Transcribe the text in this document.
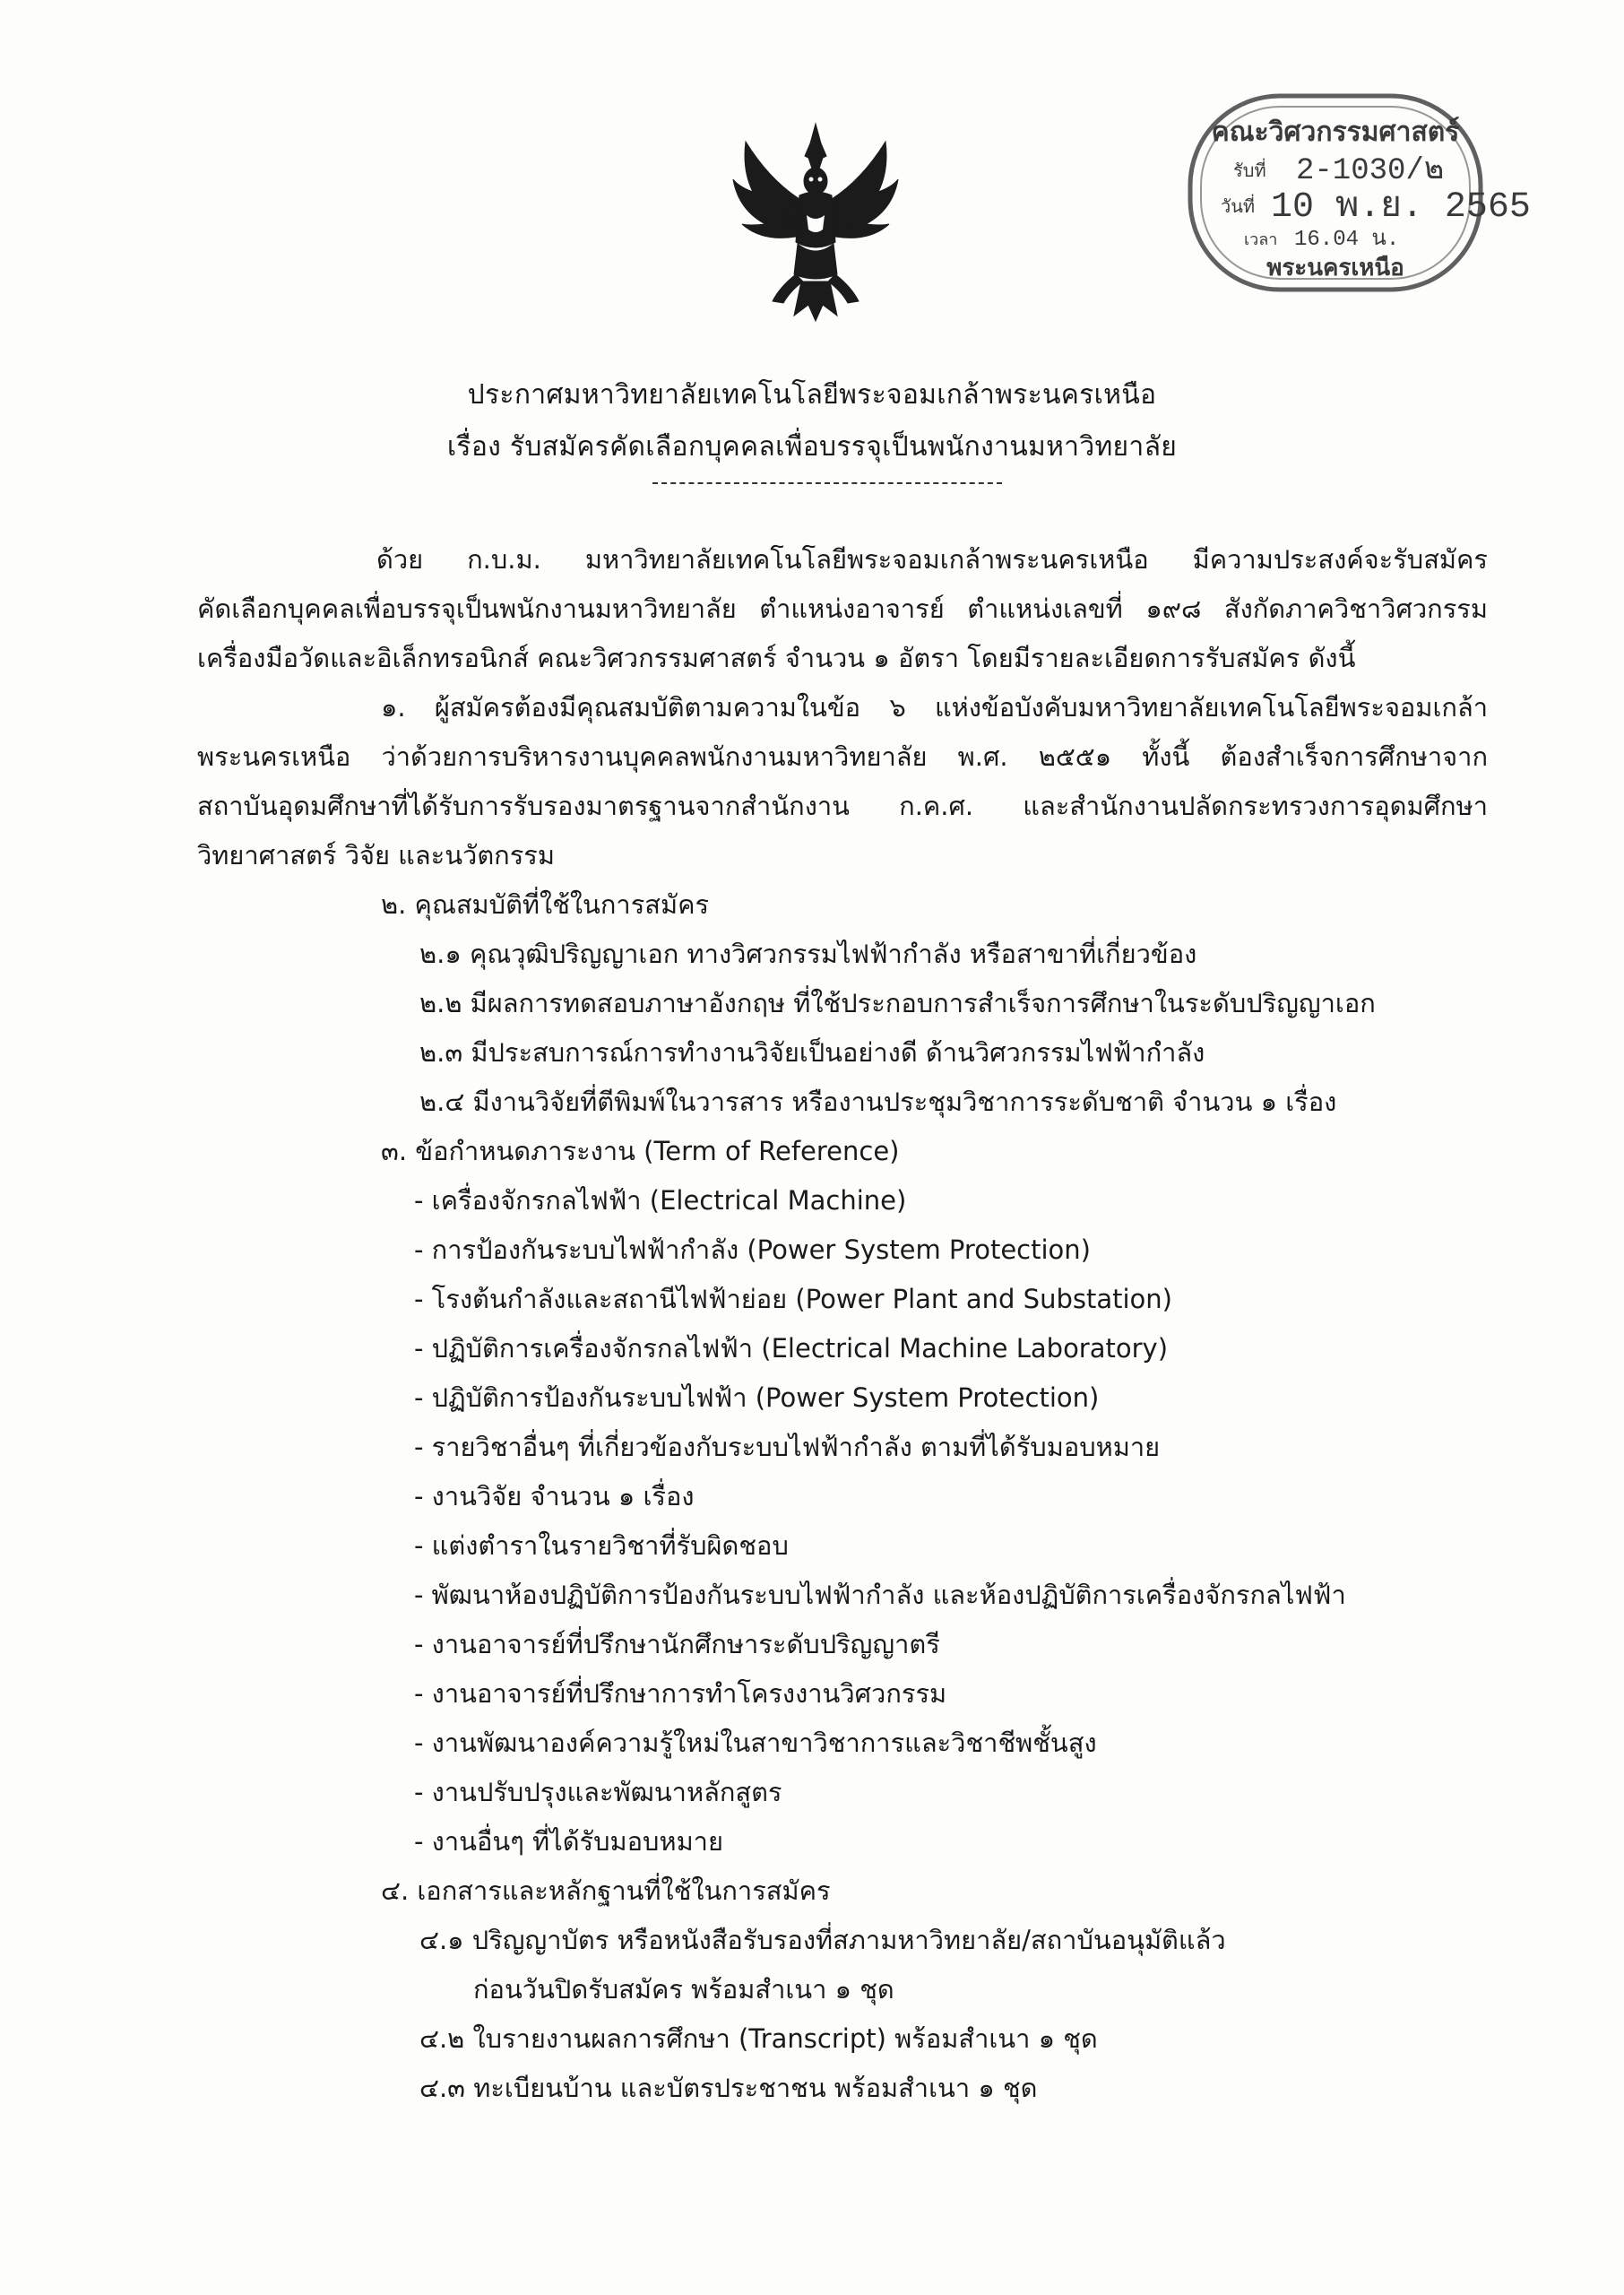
คณะวิศวกรรมศาสตร์
รับที่ 2-1030/๒
วันที่ 10 พ.ย. 2565
เวลา 16.04 น.
พระนครเหนือ
ประกาศมหาวิทยาลัยเทคโนโลยีพระจอมเกล้าพระนครเหนือ
เรื่อง รับสมัครคัดเลือกบุคคลเพื่อบรรจุเป็นพนักงานมหาวิทยาลัย
ด้วย ก.บ.ม. มหาวิทยาลัยเทคโนโลยีพระจอมเกล้าพระนครเหนือ มีความประสงค์จะรับสมัคร
คัดเลือกบุคคลเพื่อบรรจุเป็นพนักงานมหาวิทยาลัย ตำแหน่งอาจารย์ ตำแหน่งเลขที่ ๑๙๘ สังกัดภาควิชาวิศวกรรม
เครื่องมือวัดและอิเล็กทรอนิกส์ คณะวิศวกรรมศาสตร์ จำนวน ๑ อัตรา โดยมีรายละเอียดการรับสมัคร ดังนี้
๑. ผู้สมัครต้องมีคุณสมบัติตามความในข้อ ๖ แห่งข้อบังคับมหาวิทยาลัยเทคโนโลยีพระจอมเกล้า
พระนครเหนือ ว่าด้วยการบริหารงานบุคคลพนักงานมหาวิทยาลัย พ.ศ. ๒๕๕๑ ทั้งนี้ ต้องสำเร็จการศึกษาจาก
สถาบันอุดมศึกษาที่ได้รับการรับรองมาตรฐานจากสำนักงาน ก.ค.ศ. และสำนักงานปลัดกระทรวงการอุดมศึกษา
วิทยาศาสตร์ วิจัย และนวัตกรรม
๒. คุณสมบัติที่ใช้ในการสมัคร
๒.๑ คุณวุฒิปริญญาเอก ทางวิศวกรรมไฟฟ้ากำลัง หรือสาขาที่เกี่ยวข้อง
๒.๒ มีผลการทดสอบภาษาอังกฤษ ที่ใช้ประกอบการสำเร็จการศึกษาในระดับปริญญาเอก
๒.๓ มีประสบการณ์การทำงานวิจัยเป็นอย่างดี ด้านวิศวกรรมไฟฟ้ากำลัง
๒.๔ มีงานวิจัยที่ตีพิมพ์ในวารสาร หรืองานประชุมวิชาการระดับชาติ จำนวน ๑ เรื่อง
๓. ข้อกำหนดภาระงาน (Term of Reference)
- เครื่องจักรกลไฟฟ้า (Electrical Machine)
- การป้องกันระบบไฟฟ้ากำลัง (Power System Protection)
- โรงต้นกำลังและสถานีไฟฟ้าย่อย (Power Plant and Substation)
- ปฏิบัติการเครื่องจักรกลไฟฟ้า (Electrical Machine Laboratory)
- ปฏิบัติการป้องกันระบบไฟฟ้า (Power System Protection)
- รายวิชาอื่นๆ ที่เกี่ยวข้องกับระบบไฟฟ้ากำลัง ตามที่ได้รับมอบหมาย
- งานวิจัย จำนวน ๑ เรื่อง
- แต่งตำราในรายวิชาที่รับผิดชอบ
- พัฒนาห้องปฏิบัติการป้องกันระบบไฟฟ้ากำลัง และห้องปฏิบัติการเครื่องจักรกลไฟฟ้า
- งานอาจารย์ที่ปรึกษานักศึกษาระดับปริญญาตรี
- งานอาจารย์ที่ปรึกษาการทำโครงงานวิศวกรรม
- งานพัฒนาองค์ความรู้ใหม่ในสาขาวิชาการและวิชาชีพชั้นสูง
- งานปรับปรุงและพัฒนาหลักสูตร
- งานอื่นๆ ที่ได้รับมอบหมาย
๔. เอกสารและหลักฐานที่ใช้ในการสมัคร
๔.๑ ปริญญาบัตร หรือหนังสือรับรองที่สภามหาวิทยาลัย/สถาบันอนุมัติแล้ว
ก่อนวันปิดรับสมัคร พร้อมสำเนา ๑ ชุด
๔.๒ ใบรายงานผลการศึกษา (Transcript) พร้อมสำเนา ๑ ชุด
๔.๓ ทะเบียนบ้าน และบัตรประชาชน พร้อมสำเนา ๑ ชุด
